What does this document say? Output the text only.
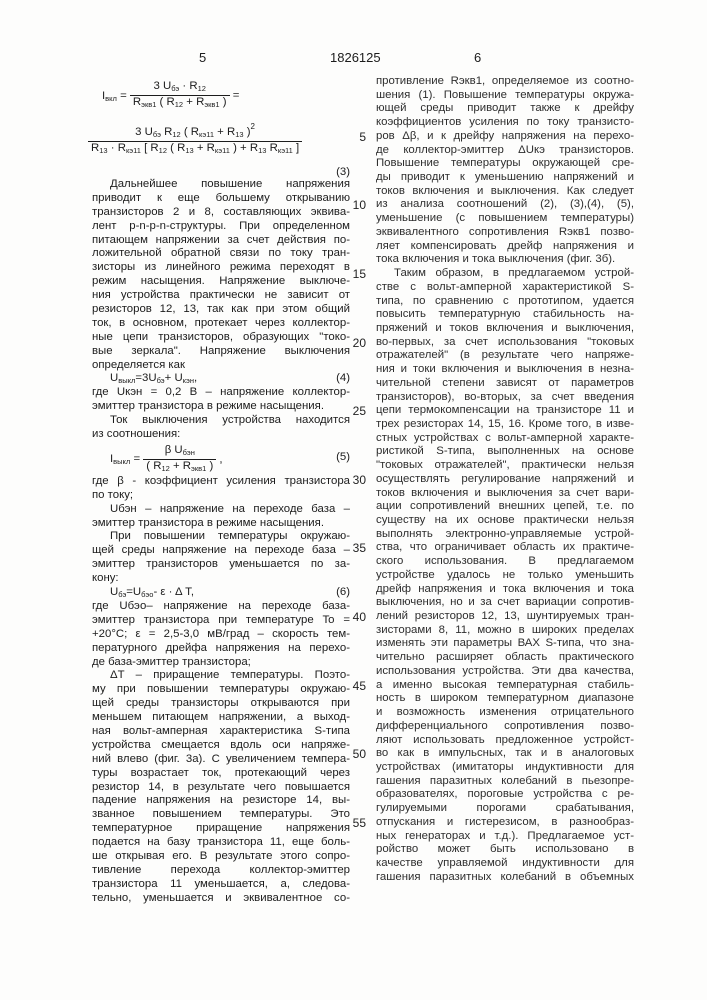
5	1826125	6
Iвкл =
3 Uбэ · R12
Rэкв1 ( R12 + Rэкв1 )
=
3 Uбэ R12 ( Rкэ11 + R13 )2
R13 · Rкэ11 [ R12 ( R13 + Rкэ11 ) + R13 Rкэ11 ]
(3)
Дальнейшее повышение напряжения
приводит к еще большему открыванию
транзисторов 2 и 8, составляющих эквива-
лент p-n-p-n-структуры. При определенном
питающем напряжении за счет действия по-
ложительной обратной связи по току тран-
зисторы из линейного режима переходят в
режим насыщения. Напряжение выключе-
ния устройства практически не зависит от
резисторов 12, 13, так как при этом общий
ток, в основном, протекает через коллектор-
ные цепи транзисторов, образующих "токо-
вые зеркала". Напряжение выключения
определяется как
Uвыкл=3Uбэ+ Uкэн,	(4)
где Uкэн = 0,2 В – напряжение коллектор-
эмиттер транзистора в режиме насыщения.
Ток выключения устройства находится
из соотношения:
Iвыкл =
β Uбэн
( R12 + Rэкв1 )
,	(5)
где β - коэффициент усиления транзистора
по току;
Uбэн – напряжение на переходе база –
эмиттер транзистора в режиме насыщения.
При повышении температуры окружаю-
щей среды напряжение на переходе база –
эмиттер транзисторов уменьшается по за-
кону:
Uбэ=Uбэо- ε · Δ T,	(6)
где Uбэо– напряжение на переходе база-
эмиттер транзистора при температуре To =
+20°C; ε = 2,5-3,0 мВ/град – скорость тем-
пературного дрейфа напряжения на перехо-
де база-эмиттер транзистора;
ΔT – приращение температуры. Поэто-
му при повышении температуры окружаю-
щей среды транзисторы открываются при
меньшем питающем напряжении, а выход-
ная вольт-амперная характеристика S-типа
устройства смещается вдоль оси напряже-
ний влево (фиг. 3а). С увеличением темпера-
туры возрастает ток, протекающий через
резистор 14, в результате чего повышается
падение напряжения на резисторе 14, вы-
званное повышением температуры. Это
температурное приращение напряжения
подается на базу транзистора 11, еще боль-
ше открывая его. В результате этого сопро-
тивление перехода коллектор-эмиттер
транзистора 11 уменьшается, а, следова-
тельно, уменьшается и эквивалентное со-
противление Rэкв1, определяемое из соотно-
шения (1). Повышение температуры окружа-
ющей среды приводит также к дрейфу
коэффициентов усиления по току транзисто-
ров Δβ, и к дрейфу напряжения на перехо-
де коллектор-эмиттер ΔUкэ транзисторов.
Повышение температуры окружающей сре-
ды приводит к уменьшению напряжений и
токов включения и выключения. Как следует
из анализа соотношений (2), (3),(4), (5),
уменьшение (с повышением температуры)
эквивалентного сопротивления Rэкв1 позво-
ляет компенсировать дрейф напряжения и
тока включения и тока выключения (фиг. 3б).
Таким образом, в предлагаемом устрой-
стве с вольт-амперной характеристикой S-
типа, по сравнению с прототипом, удается
повысить температурную стабильность на-
пряжений и токов включения и выключения,
во-первых, за счет использования "токовых
отражателей" (в результате чего напряже-
ния и токи включения и выключения в незна-
чительной степени зависят от параметров
транзисторов), во-вторых, за счет введения
цепи термокомпенсации на транзисторе 11 и
трех резисторах 14, 15, 16. Кроме того, в изве-
стных устройствах с вольт-амперной характе-
ристикой S-типа, выполненных на основе
"токовых отражателей", практически нельзя
осуществлять регулирование напряжений и
токов включения и выключения за счет вари-
ации сопротивлений внешних цепей, т.е. по
существу на их основе практически нельзя
выполнять электронно-управляемые устрой-
ства, что ограничивает область их практиче-
ского использования. В предлагаемом
устройстве удалось не только уменьшить
дрейф напряжения и тока включения и тока
выключения, но и за счет вариации сопротив-
лений резисторов 12, 13, шунтируемых тран-
зисторами 8, 11, можно в широких пределах
изменять эти параметры ВАХ S-типа, что зна-
чительно расширяет область практического
использования устройства. Эти два качества,
а именно высокая температурная стабиль-
ность в широком температурном диапазоне
и возможность изменения отрицательного
дифференциального сопротивления позво-
ляют использовать предложенное устройст-
во как в импульсных, так и в аналоговых
устройствах (имитаторы индуктивности для
гашения паразитных колебаний в пьезопре-
образователях, пороговые устройства с ре-
гулируемыми порогами срабатывания,
отпускания и гистерезисом, в разнообраз-
ных генераторах и т.д.). Предлагаемое уст-
ройство может быть использовано в
качестве управляемой индуктивности для
гашения паразитных колебаний в объемных
5
10
15
20
25
30
35
40
45
50
55
